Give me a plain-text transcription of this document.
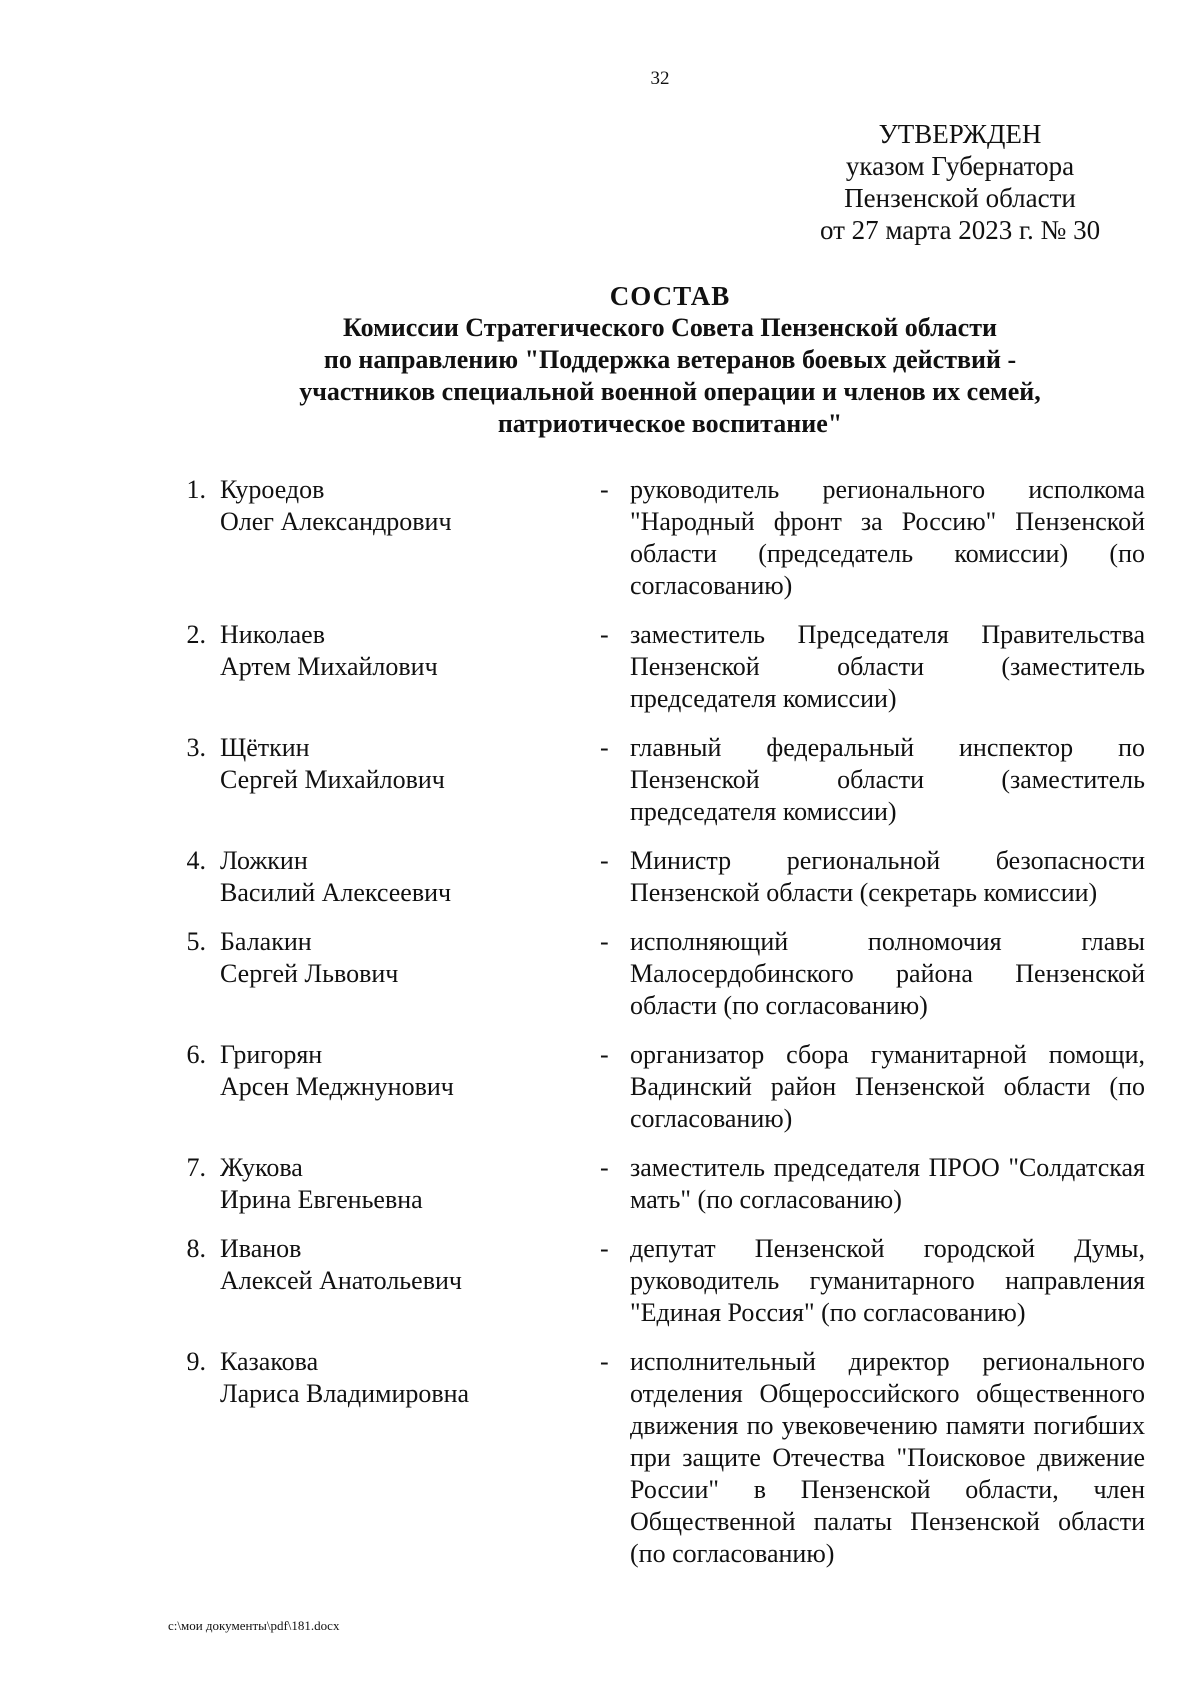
32
УТВЕРЖДЕН
указом Губернатора
Пензенской области
от 27 марта 2023 г. № 30
СОСТАВ
Комиссии Стратегического Совета Пензенской области
по направлению "Поддержка ветеранов боевых действий -
участников специальной военной операции и членов их семей,
патриотическое воспитание"
1. Куроедов
Олег Александрович
- руководитель регионального исполкома "Народный фронт за Россию" Пензенской области (председатель комиссии) (по согласованию)
2. Николаев
Артем Михайлович
- заместитель Председателя Правительства Пензенской области (заместитель председателя комиссии)
3. Щёткин
Сергей Михайлович
- главный федеральный инспектор по Пензенской области (заместитель председателя комиссии)
4. Ложкин
Василий Алексеевич
- Министр региональной безопасности Пензенской области (секретарь комиссии)
5. Балакин
Сергей Львович
- исполняющий полномочия главы Малосердобинского района Пензенской области (по согласованию)
6. Григорян
Арсен Меджнунович
- организатор сбора гуманитарной помощи, Вадинский район Пензенской области (по согласованию)
7. Жукова
Ирина Евгеньевна
- заместитель председателя ПРОО "Солдатская мать" (по согласованию)
8. Иванов
Алексей Анатольевич
- депутат Пензенской городской Думы, руководитель гуманитарного направления "Единая Россия" (по согласованию)
9. Казакова
Лариса Владимировна
- исполнительный директор регионального отделения Общероссийского общественного движения по увековечению памяти погибших при защите Отечества "Поисковое движение России" в Пензенской области, член Общественной палаты Пензенской области (по согласованию)
c:\мои документы\pdf\181.docx
